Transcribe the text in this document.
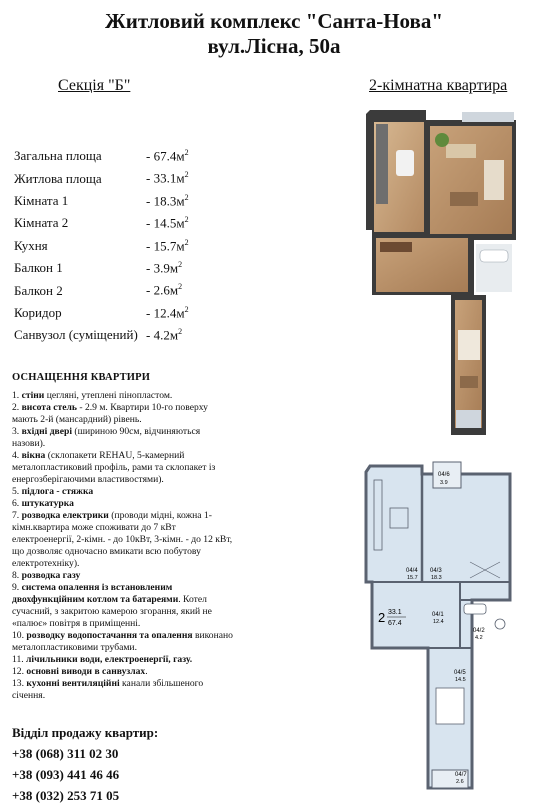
Житловий комплекс "Санта-Нова"
вул.Лісна, 50а
Секція "Б"	2-кімнатна квартира
Загальна площа	- $67.4м^2$
Житлова площа	- $33.1м^2$
Кімната 1	- $18.3м^2$
Кімната 2	- $14.5м^2$
Кухня	- $15.7м^2$
Балкон 1	- $3.9м^2$
Балкон 2	- $2.6м^2$
Коридор	- $12.4м^2$
Санвузол (суміщений) - $4.2м^2$
ОСНАЩЕННЯ КВАРТИРИ
1. стіни цегляні, утеплені пінопластом.
2. висота стель - 2.9 м. Квартири 10-го поверху мають 2-й (мансардний) рівень.
3. вхідні двері (шириною 90см, відчиняються назови).
4. вікна (склопакети REHAU, 5-камерний металопластиковий профіль, рами та склопакет із енергозберігаючими властивостями).
5. підлога - стяжка
6. штукатурка
7. розводка електрики (проводи мідні, кожна 1-кімн.квартира може споживати до 7 кВт електроенергії, 2-кімн. - до 10кВт, 3-кімн. - до 12 кВт, що дозволяє одночасно вмикати всю побутову електротехніку).
8. розводка газу
9. система опалення із встановленим двохфункційним котлом та батареями. Котел сучасний, з закритою камерою згорання, який не «палює» повітря в приміщенні.
10. розводку водопостачання та опалення виконано металопластиковими трубами.
11. лічильники води, електроенергії, газу.
12. основні виводи в санвузлах.
13. кухонні вентиляційні канали збільшеного січення.
Відділ продажу квартир:
+38 (068) 311 02 30
+38 (093) 441 46 46
+38 (032) 253 71 05
04/6
3.9
04/4
15.7
04/3
18.3
04/1
12.4
04/2
4.2
04/5
14.5
04/7
2.6
2 33.1
67.4
